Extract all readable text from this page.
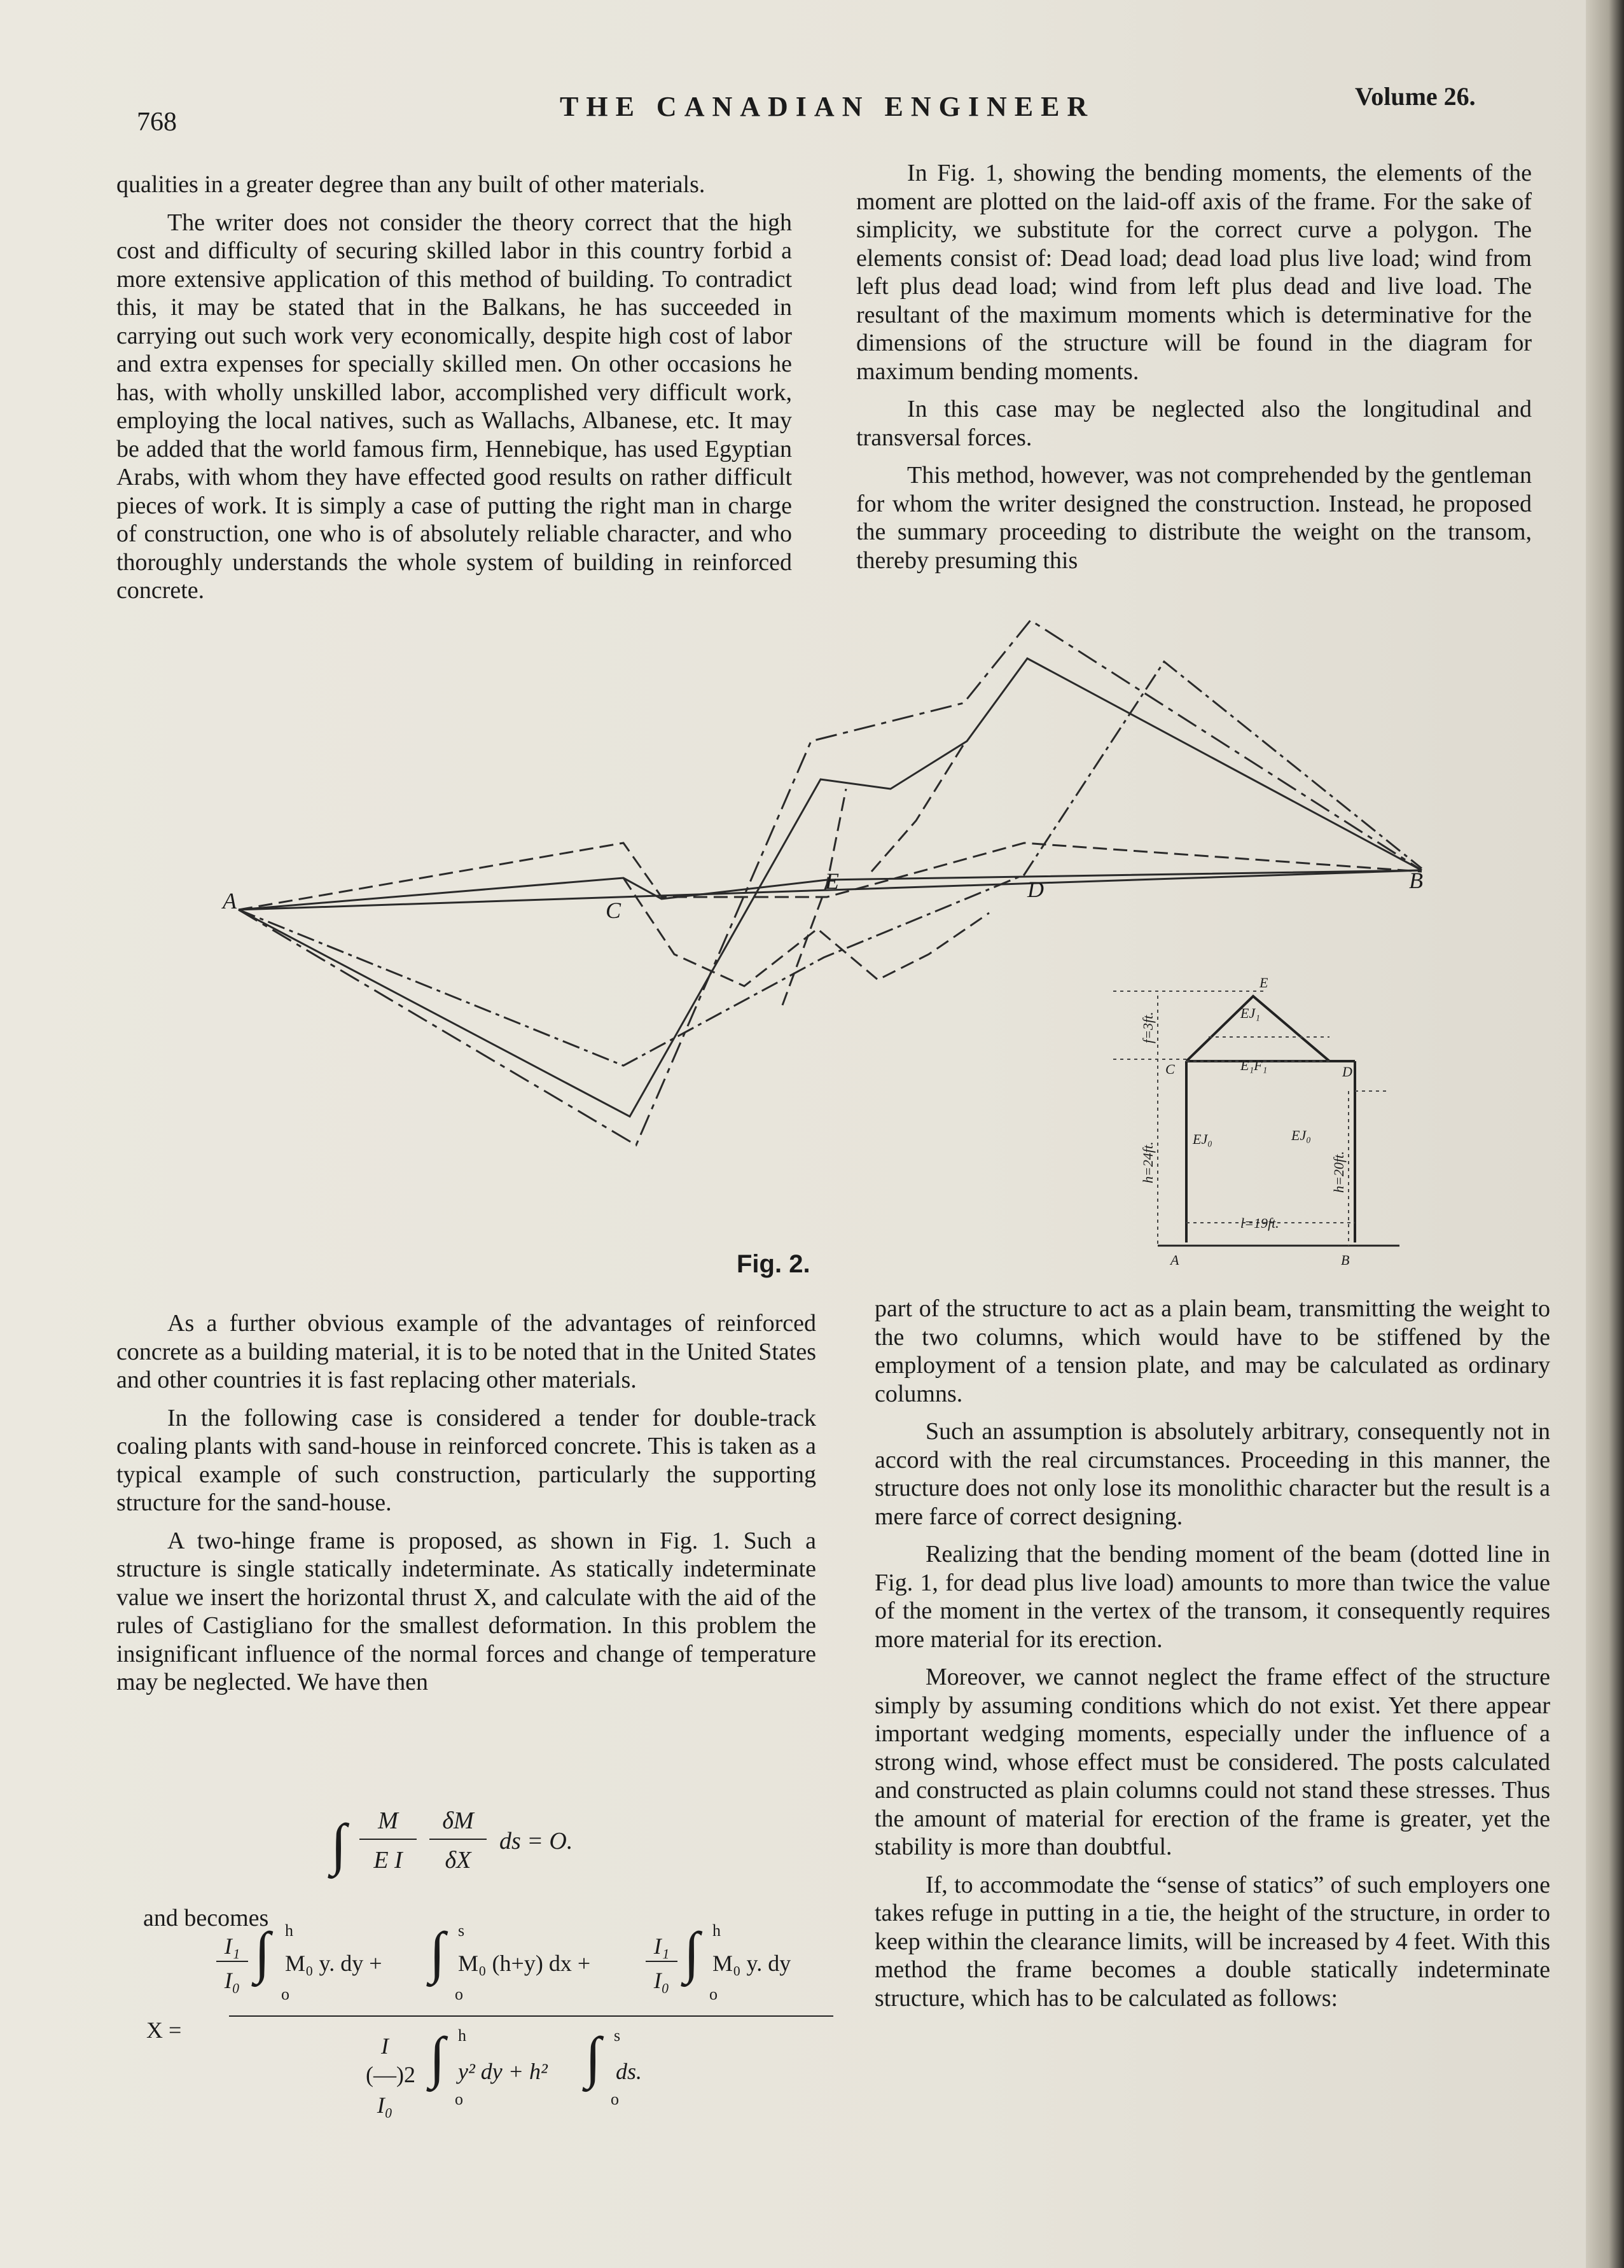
768	THE CANADIAN ENGINEER	Volume 26.

qualities in a greater degree than any built of other materials.

The writer does not consider the theory correct that the high cost and difficulty of securing skilled labor in this country forbid a more extensive application of this method of building. To contradict this, it may be stated that in the Balkans, he has succeeded in carrying out such work very economically, despite high cost of labor and extra expenses for specially skilled men. On other occasions he has, with wholly unskilled labor, accomplished very difficult work, employing the local natives, such as Wallachs, Albanese, etc. It may be added that the world famous firm, Hennebique, has used Egyptian Arabs, with whom they have effected good results on rather difficult pieces of work. It is simply a case of putting the right man in charge of construction, one who is of absolutely reliable character, and who thoroughly understands the whole system of building in reinforced concrete.

In Fig. 1, showing the bending moments, the elements of the moment are plotted on the laid-off axis of the frame. For the sake of simplicity, we substitute for the correct curve a polygon. The elements consist of: Dead load; dead load plus live load; wind from left plus dead load; wind from left plus dead and live load. The resultant of the maximum moments which is determinative for the dimensions of the structure will be found in the diagram for maximum bending moments.

In this case may be neglected also the longitudinal and transversal forces.

This method, however, was not comprehended by the gentleman for whom the writer designed the construction. Instead, he proposed the summary proceeding to distribute the weight on the transom, thereby presuming this

A	C
E	D	B
E
C	D
A	B
EJ₁
E₁F₁
EJ₀	EJ₀
l=19ft.
f=3ft.
h=24ft.	h=20ft.
Fig. 2.

As a further obvious example of the advantages of reinforced concrete as a building material, it is to be noted that in the United States and other countries it is fast replacing other materials.

In the following case is considered a tender for double-track coaling plants with sand-house in reinforced concrete. This is taken as a typical example of such construction, particularly the supporting structure for the sand-house.

A two-hinge frame is proposed, as shown in Fig. 1. Such a structure is single statically indeterminate. As statically indeterminate value we insert the horizontal thrust X, and calculate with the aid of the rules of Castigliano for the smallest deformation. In this problem the insignificant influence of the normal forces and change of temperature may be neglected. We have then

∫	M
E I
δM
δX
ds = O.

and becomes

X =
I₁
I₀ ∫ h
o
M₀ y. dy + ∫ s
o
M₀ (h+y) dx +
I₁
I₀ ∫ h
o
M₀ y. dy
I
(—)2
I₀
∫ h
o
y² dy + h² ∫ s
o
ds.

part of the structure to act as a plain beam, transmitting the weight to the two columns, which would have to be stiffened by the employment of a tension plate, and may be calculated as ordinary columns.

Such an assumption is absolutely arbitrary, consequently not in accord with the real circumstances. Proceeding in this manner, the structure does not only lose its monolithic character but the result is a mere farce of correct designing.

Realizing that the bending moment of the beam (dotted line in Fig. 1, for dead plus live load) amounts to more than twice the value of the moment in the vertex of the transom, it consequently requires more material for its erection.

Moreover, we cannot neglect the frame effect of the structure simply by assuming conditions which do not exist. Yet there appear important wedging moments, especially under the influence of a strong wind, whose effect must be considered. The posts calculated and constructed as plain columns could not stand these stresses. Thus the amount of material for erection of the frame is greater, yet the stability is more than doubtful.

If, to accommodate the “sense of statics” of such employers one takes refuge in putting in a tie, the height of the structure, in order to keep within the clearance limits, will be increased by 4 feet. With this method the frame becomes a double statically indeterminate structure, which has to be calculated as follows:
